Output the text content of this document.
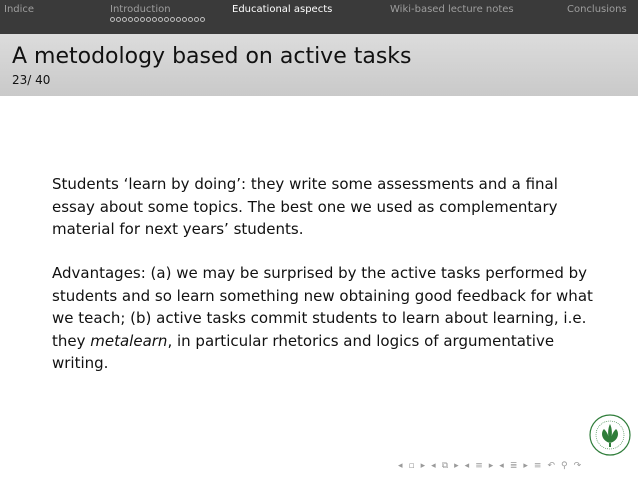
Indice	Introduction	Educational aspects	Wiki-based lecture notes	Conclusions
A metodology based on active tasks
23/ 40
Students ‘learn by doing’: they write some assessments and a final essay about some topics. The best one we used as complementary material for next years’ students.
Advantages: (a) we may be surprised by the active tasks performed by students and so learn something new obtaining good feedback for what we teach; (b) active tasks commit students to learn about learning, i.e. they metalearn, in particular rhetorics and logics of argumentative writing.
◂ ▫ ▸ ◂ ⧉ ▸ ◂ ≡ ▸ ◂ ≣ ▸ ≡ ↶ ⚲ ↷
